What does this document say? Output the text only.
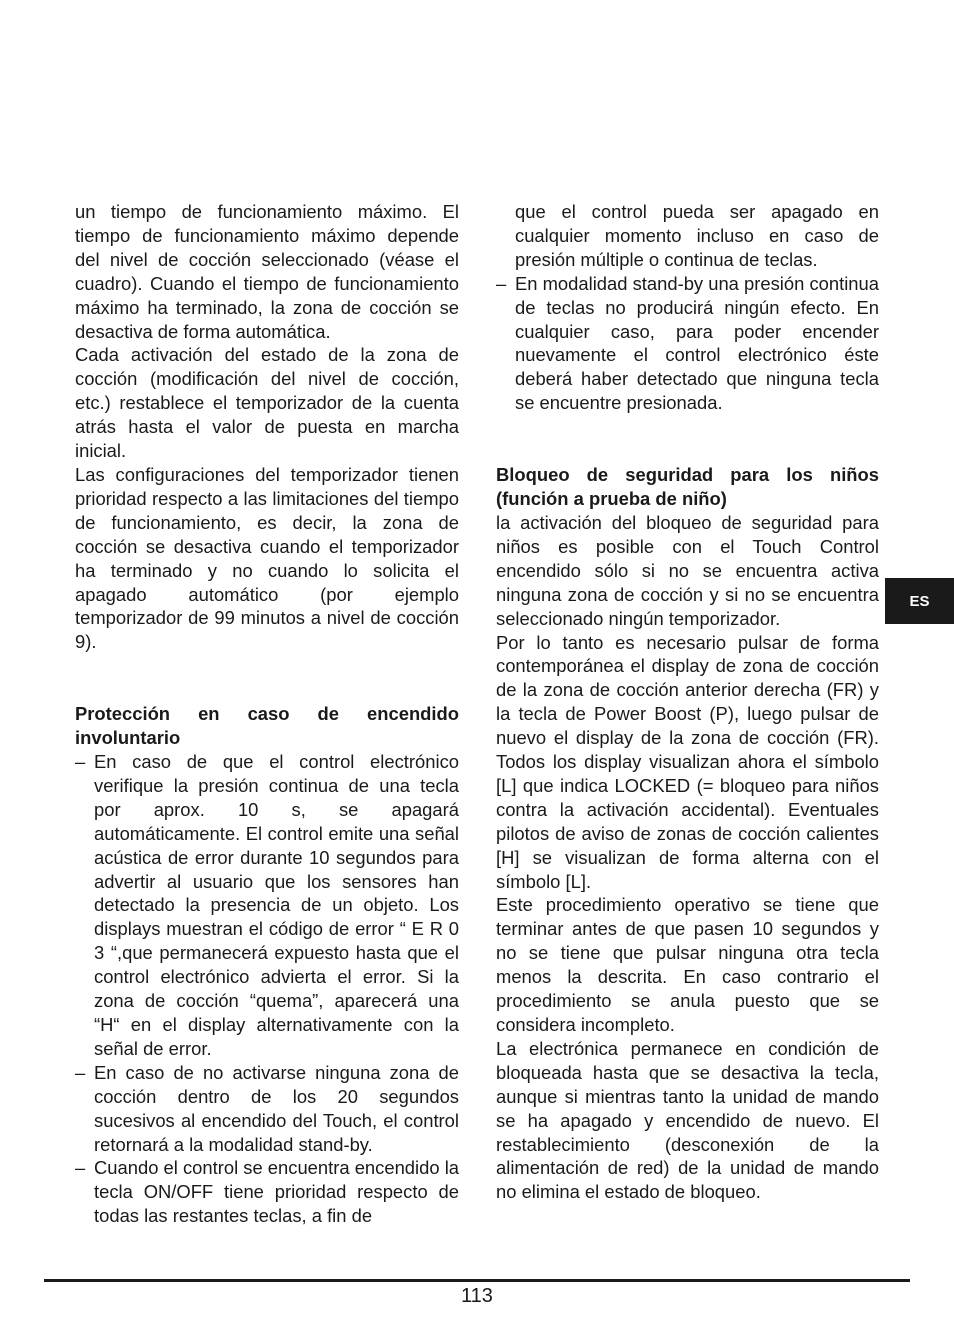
un tiempo de funcionamiento máximo. El tiempo de funcionamiento máximo depende del nivel de cocción seleccionado (véase el cuadro). Cuando el tiempo de funcionamiento máximo ha terminado, la zona de cocción se desactiva de forma automática.

Cada activación del estado de la zona de cocción (modificación del nivel de cocción, etc.) restablece el temporizador de la cuenta atrás hasta el valor de puesta en marcha inicial.

Las configuraciones del temporizador tienen prioridad respecto a las limitaciones del tiempo de funcionamiento, es decir, la zona de cocción se desactiva cuando el temporizador ha terminado y no cuando lo solicita el apagado automático (por ejemplo temporizador de 99 minutos a nivel de cocción 9).

Protección en caso de encendido involuntario
– En caso de que el control electrónico verifique la presión continua de una tecla por aprox. 10 s, se apagará automáticamente. El control emite una señal acústica de error durante 10 segundos para advertir al usuario que los sensores han detectado la presencia de un objeto. Los displays muestran el código de error “ E R 0 3 “,que permanecerá expuesto hasta que el control electrónico advierta el error. Si la zona de cocción “quema”, aparecerá una “H“ en el display alternativamente con la señal de error.
– En caso de no activarse ninguna zona de cocción dentro de los 20 segundos sucesivos al encendido del Touch, el control retornará a la modalidad stand-by.
– Cuando el control se encuentra encendido la tecla ON/OFF tiene prioridad respecto de todas las restantes teclas, a fin de

que el control pueda ser apagado en cualquier momento incluso en caso de presión múltiple o continua de teclas.

– En modalidad stand-by una presión continua de teclas no producirá ningún efecto. En cualquier caso, para poder encender nuevamente el control electrónico éste deberá haber detectado que ninguna tecla se encuentre presionada.
Bloqueo de seguridad para los niños (función a prueba de niño)

la activación del bloqueo de seguridad para niños es posible con el Touch Control encendido sólo si no se encuentra activa ninguna zona de cocción y si no se encuentra seleccionado ningún temporizador.

Por lo tanto es necesario pulsar de forma contemporánea el display de zona de cocción de la zona de cocción anterior derecha (FR) y la tecla de Power Boost (P), luego pulsar de nuevo el display de la zona de cocción (FR). Todos los display visualizan ahora el símbolo [L] que indica LOCKED (= bloqueo para niños contra la activación accidental). Eventuales pilotos de aviso de zonas de cocción calientes [H] se visualizan de forma alterna con el símbolo [L].

Este procedimiento operativo se tiene que terminar antes de que pasen 10 segundos y no se tiene que pulsar ninguna otra tecla menos la descrita. En caso contrario el procedimiento se anula puesto que se considera incompleto.

La electrónica permanece en condición de bloqueada hasta que se desactiva la tecla, aunque si mientras tanto la unidad de mando se ha apagado y encendido de nuevo. El restablecimiento (desconexión de la alimentación de red) de la unidad de mando no elimina el estado de bloqueo.

ES
113
